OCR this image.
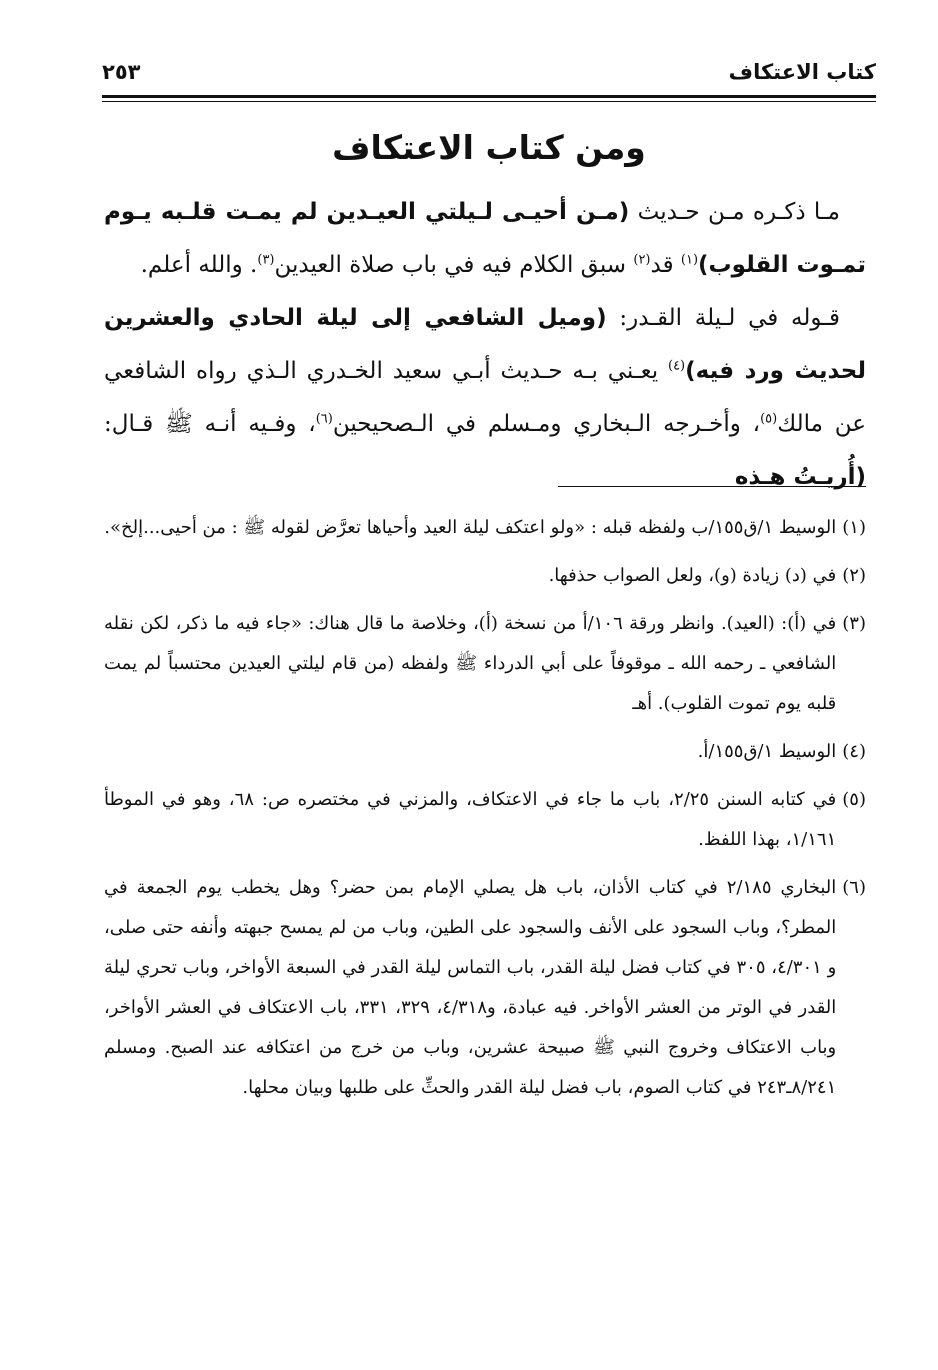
كتاب الاعتكاف
٢٥٣
ومن كتاب الاعتكاف

مـا ذكـره مـن حـديث (مـن أحيـى لـيلتي العيـدين لم يمـت قلـبه يـوم تمـوت القلوب)$^{(١)}$ قد$^{(٢)}$ سبق الكلام فيه في باب صلاة العيدين$^{(٣)}$. والله أعلم.

قـوله في لـيلة القـدر: (وميل الشافعي إلى ليلة الحادي والعشرين لحديث ورد فيه)$^{(٤)}$ يعـني بـه حـديث أبـي سعيد الخـدري الـذي رواه الشافعي عن مالك$^{(٥)}$، وأخـرجه الـبخاري ومـسلم في الـصحيحين$^{(٦)}$، وفـيه أنـه ﷺ قـال: (أُريـتُ هـذه

(١)
الوسيط ١/ق١٥٥/ب ولفظه قبله : «ولو اعتكف ليلة العيد وأحياها تعرَّض لقوله ﷺ : من أحيى...إلخ».
(٢)
في (د) زيادة (و)، ولعل الصواب حذفها.
(٣)
في (أ): (العيد). وانظر ورقة ١٠٦/أ من نسخة (أ)، وخلاصة ما قال هناك: «جاء فيه ما ذكر، لكن نقله الشافعي ـ رحمه الله ـ موقوفاً على أبي الدرداء ﷺ ولفظه (من قام ليلتي العيدين محتسباً لم يمت قلبه يوم تموت القلوب). أهـ
(٤)
الوسيط ١/ق١٥٥/أ.
(٥)
في كتابه السنن ٢/٢٥، باب ما جاء في الاعتكاف، والمزني في مختصره ص: ٦٨، وهو في الموطأ ١/١٦١، بهذا اللفظ.
(٦)
البخاري ٢/١٨٥ في كتاب الأذان، باب هل يصلي الإمام بمن حضر؟ وهل يخطب يوم الجمعة في المطر؟، وباب السجود على الأنف والسجود على الطين، وباب من لم يمسح جبهته وأنفه حتى صلى، و ٤/٣٠١، ٣٠٥ في كتاب فضل ليلة القدر، باب التماس ليلة القدر في السبعة الأواخر، وباب تحري ليلة القدر في الوتر من العشر الأواخر. فيه عبادة، و٤/٣١٨، ٣٢٩، ٣٣١، باب الاعتكاف في العشر الأواخر، وباب الاعتكاف وخروج النبي ﷺ صبيحة عشرين، وباب من خرج من اعتكافه عند الصبح. ومسلم ٨/٢٤١ـ٢٤٣ في كتاب الصوم، باب فضل ليلة القدر والحثِّ على طلبها وبيان محلها.
